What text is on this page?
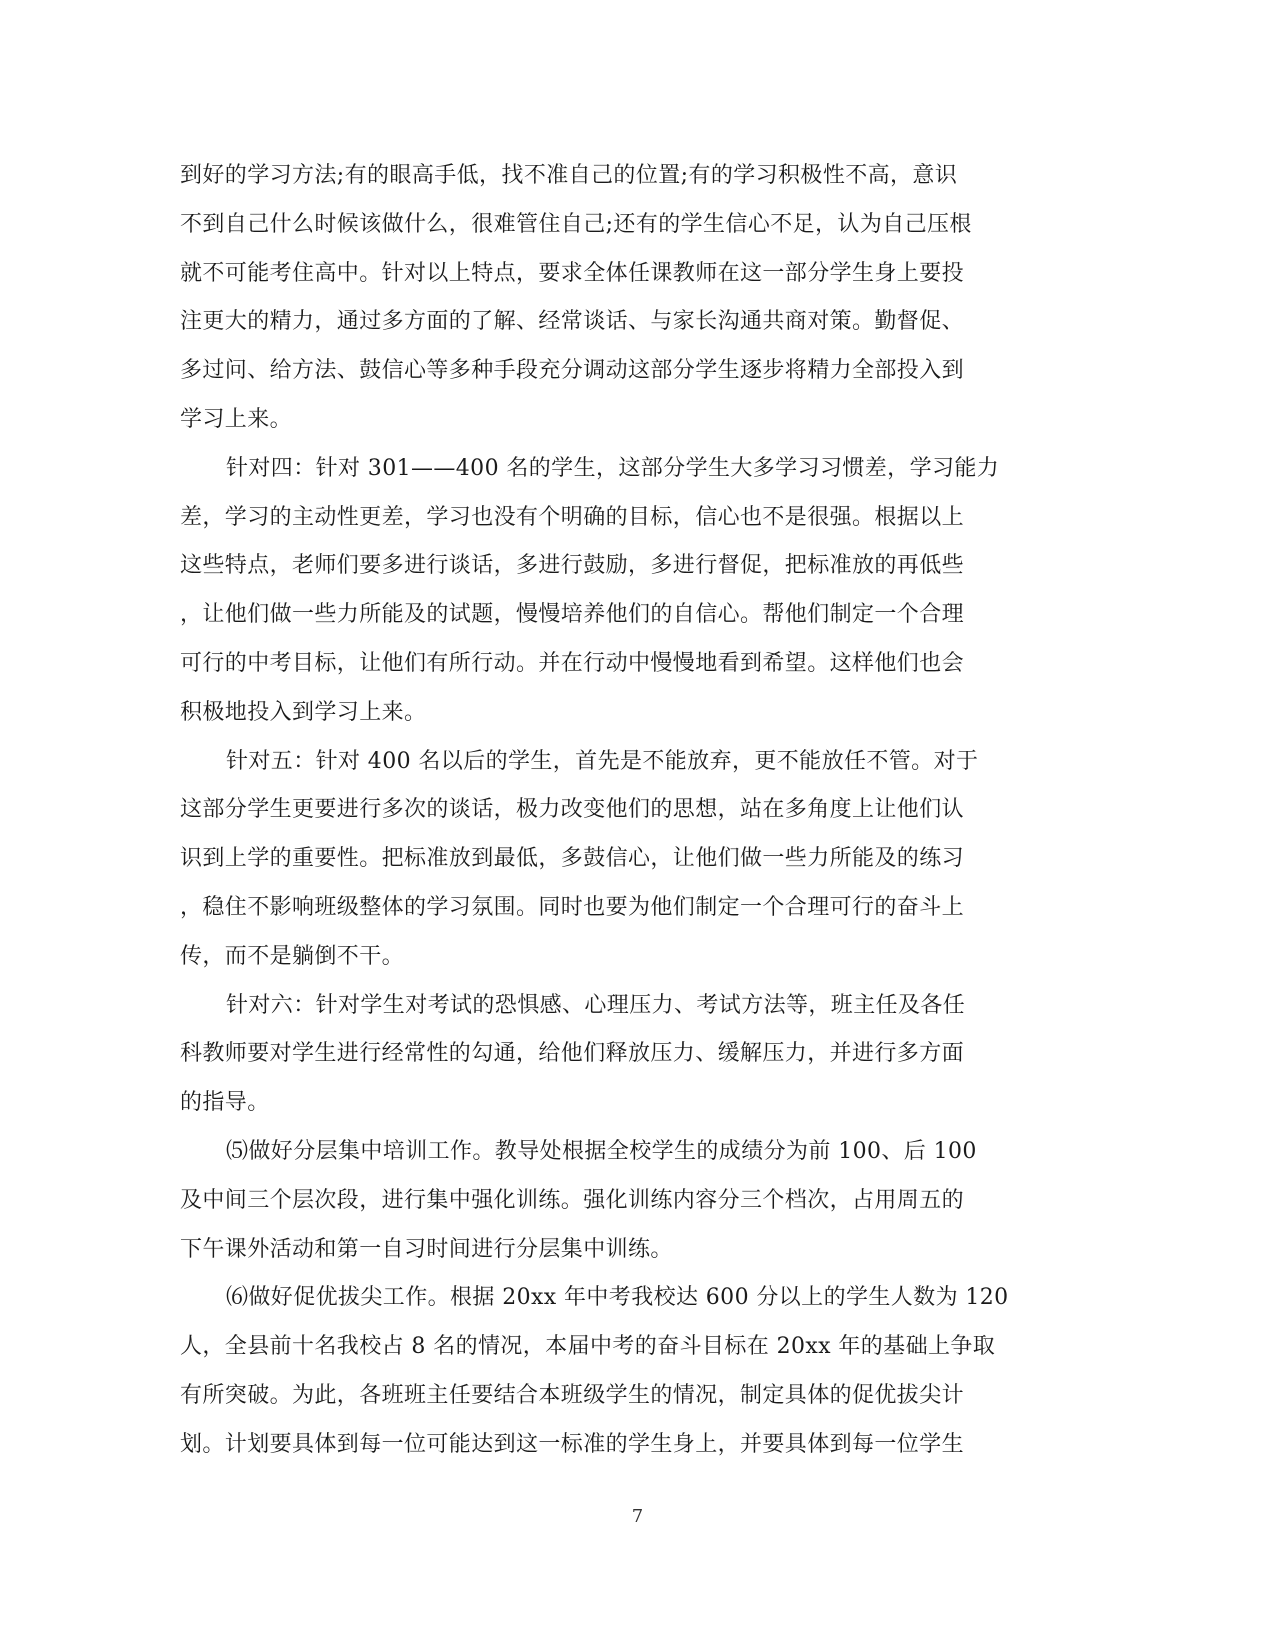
到好的学习方法;有的眼高手低，找不准自己的位置;有的学习积极性不高，意识
不到自己什么时候该做什么，很难管住自己;还有的学生信心不足，认为自己压根
就不可能考住高中。针对以上特点，要求全体任课教师在这一部分学生身上要投
注更大的精力，通过多方面的了解、经常谈话、与家长沟通共商对策。勤督促、
多过问、给方法、鼓信心等多种手段充分调动这部分学生逐步将精力全部投入到
学习上来。
针对四：针对 301——400 名的学生，这部分学生大多学习习惯差，学习能力
差，学习的主动性更差，学习也没有个明确的目标，信心也不是很强。根据以上
这些特点，老师们要多进行谈话，多进行鼓励，多进行督促，把标准放的再低些
，让他们做一些力所能及的试题，慢慢培养他们的自信心。帮他们制定一个合理
可行的中考目标，让他们有所行动。并在行动中慢慢地看到希望。这样他们也会
积极地投入到学习上来。
针对五：针对 400 名以后的学生，首先是不能放弃，更不能放任不管。对于
这部分学生更要进行多次的谈话，极力改变他们的思想，站在多角度上让他们认
识到上学的重要性。把标准放到最低，多鼓信心，让他们做一些力所能及的练习
，稳住不影响班级整体的学习氛围。同时也要为他们制定一个合理可行的奋斗上
传，而不是躺倒不干。
针对六：针对学生对考试的恐惧感、心理压力、考试方法等，班主任及各任
科教师要对学生进行经常性的勾通，给他们释放压力、缓解压力，并进行多方面
的指导。
⑸做好分层集中培训工作。教导处根据全校学生的成绩分为前 100、后 100
及中间三个层次段，进行集中强化训练。强化训练内容分三个档次，占用周五的
下午课外活动和第一自习时间进行分层集中训练。
⑹做好促优拔尖工作。根据 20xx 年中考我校达 600 分以上的学生人数为 120
人，全县前十名我校占 8 名的情况，本届中考的奋斗目标在 20xx 年的基础上争取
有所突破。为此，各班班主任要结合本班级学生的情况，制定具体的促优拔尖计
划。计划要具体到每一位可能达到这一标准的学生身上，并要具体到每一位学生
7
